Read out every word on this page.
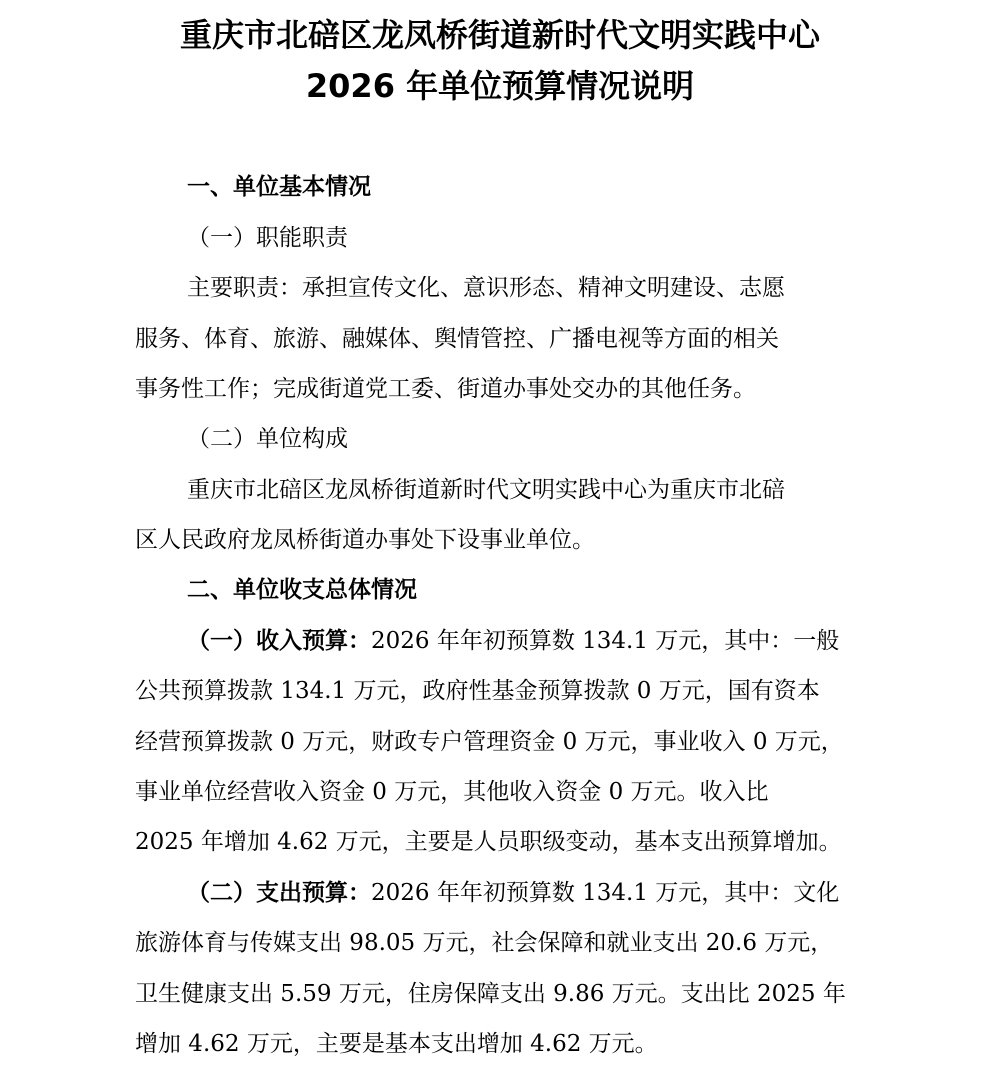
重庆市北碚区龙凤桥街道新时代文明实践中心
2026 年单位预算情况说明
一、单位基本情况
（一）职能职责
主要职责：承担宣传文化、意识形态、精神文明建设、志愿
服务、体育、旅游、融媒体、舆情管控、广播电视等方面的相关
事务性工作；完成街道党工委、街道办事处交办的其他任务。
（二）单位构成
重庆市北碚区龙凤桥街道新时代文明实践中心为重庆市北碚
区人民政府龙凤桥街道办事处下设事业单位。
二、单位收支总体情况
（一）收入预算：2026 年年初预算数 134.1 万元，其中：一般
公共预算拨款 134.1 万元，政府性基金预算拨款 0 万元，国有资本
经营预算拨款 0 万元，财政专户管理资金 0 万元，事业收入 0 万元，
事业单位经营收入资金 0 万元，其他收入资金 0 万元。收入比
2025 年增加 4.62 万元，主要是人员职级变动，基本支出预算增加。
（二）支出预算：2026 年年初预算数 134.1 万元，其中：文化
旅游体育与传媒支出 98.05 万元，社会保障和就业支出 20.6 万元，
卫生健康支出 5.59 万元，住房保障支出 9.86 万元。支出比 2025 年
增加 4.62 万元，主要是基本支出增加 4.62 万元。
